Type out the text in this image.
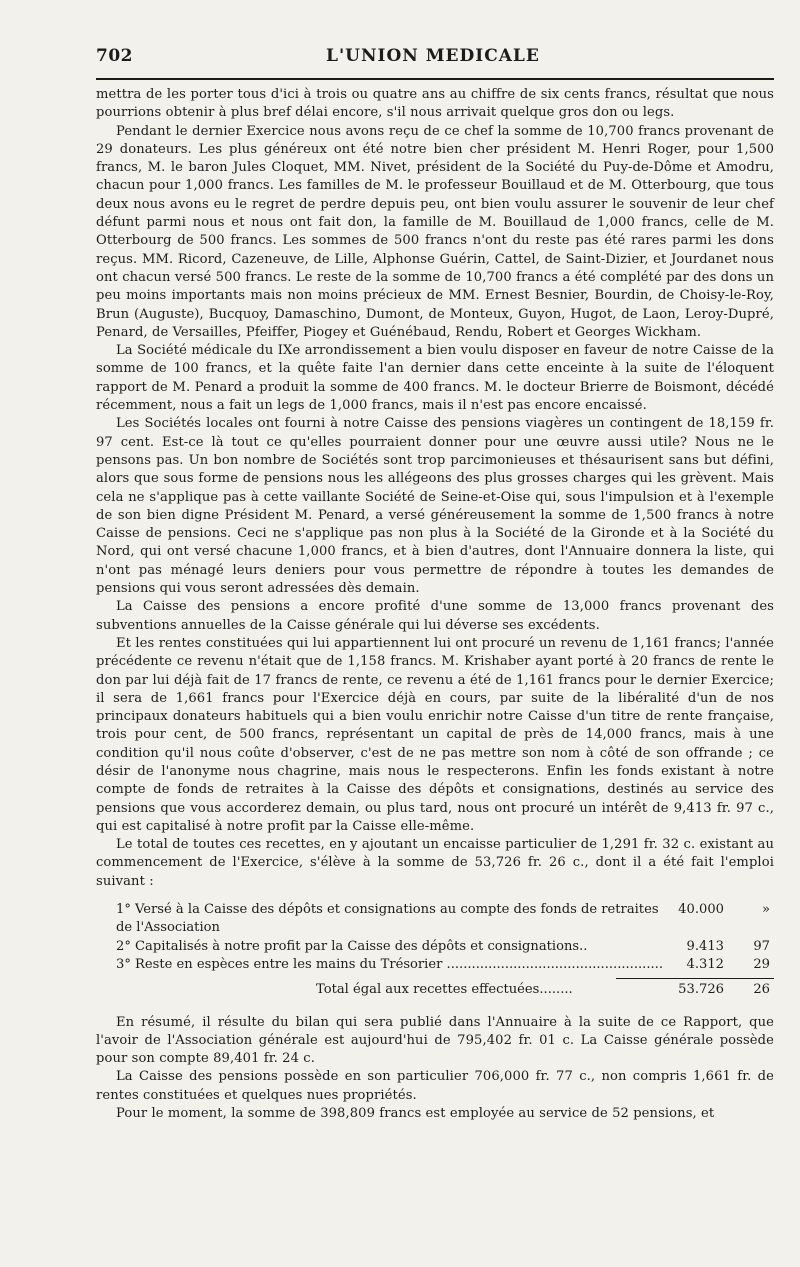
702	L'UNION MEDICALE

mettra de les porter tous d'ici à trois ou quatre ans au chiffre de six cents francs, résultat que nous pourrions obtenir à plus bref délai encore, s'il nous arrivait quelque gros don ou legs.

Pendant le dernier Exercice nous avons reçu de ce chef la somme de 10,700 francs provenant de 29 donateurs. Les plus généreux ont été notre bien cher président M. Henri Roger, pour 1,500 francs, M. le baron Jules Cloquet, MM. Nivet, président de la Société du Puy-de-Dôme et Amodru, chacun pour 1,000 francs. Les familles de M. le professeur Bouillaud et de M. Otterbourg, que tous deux nous avons eu le regret de perdre depuis peu, ont bien voulu assurer le souvenir de leur chef défunt parmi nous et nous ont fait don, la famille de M. Bouillaud de 1,000 francs, celle de M. Otterbourg de 500 francs. Les sommes de 500 francs n'ont du reste pas été rares parmi les dons reçus. MM. Ricord, Cazeneuve, de Lille, Alphonse Guérin, Cattel, de Saint-Dizier, et Jourdanet nous ont chacun versé 500 francs. Le reste de la somme de 10,700 francs a été complété par des dons un peu moins importants mais non moins précieux de MM. Ernest Besnier, Bourdin, de Choisy-le-Roy, Brun (Auguste), Bucquoy, Damaschino, Dumont, de Monteux, Guyon, Hugot, de Laon, Leroy-Dupré, Penard, de Versailles, Pfeiffer, Piogey et Guénébaud, Rendu, Robert et Georges Wickham.

La Société médicale du IXe arrondissement a bien voulu disposer en faveur de notre Caisse de la somme de 100 francs, et la quête faite l'an dernier dans cette enceinte à la suite de l'éloquent rapport de M. Penard a produit la somme de 400 francs. M. le docteur Brierre de Boismont, décédé récemment, nous a fait un legs de 1,000 francs, mais il n'est pas encore encaissé.

Les Sociétés locales ont fourni à notre Caisse des pensions viagères un contingent de 18,159 fr. 97 cent. Est-ce là tout ce qu'elles pourraient donner pour une œuvre aussi utile? Nous ne le pensons pas. Un bon nombre de Sociétés sont trop parcimonieuses et thésaurisent sans but défini, alors que sous forme de pensions nous les allégeons des plus grosses charges qui les grèvent. Mais cela ne s'applique pas à cette vaillante Société de Seine-et-Oise qui, sous l'impulsion et à l'exemple de son bien digne Président M. Penard, a versé généreusement la somme de 1,500 francs à notre Caisse de pensions. Ceci ne s'applique pas non plus à la Société de la Gironde et à la Société du Nord, qui ont versé chacune 1,000 francs, et à bien d'autres, dont l'Annuaire donnera la liste, qui n'ont pas ménagé leurs deniers pour vous permettre de répondre à toutes les demandes de pensions qui vous seront adressées dès demain.

La Caisse des pensions a encore profité d'une somme de 13,000 francs provenant des subventions annuelles de la Caisse générale qui lui déverse ses excédents.

Et les rentes constituées qui lui appartiennent lui ont procuré un revenu de 1,161 francs; l'année précédente ce revenu n'était que de 1,158 francs. M. Krishaber ayant porté à 20 francs de rente le don par lui déjà fait de 17 francs de rente, ce revenu a été de 1,161 francs pour le dernier Exercice; il sera de 1,661 francs pour l'Exercice déjà en cours, par suite de la libéralité d'un de nos principaux donateurs habituels qui a bien voulu enrichir notre Caisse d'un titre de rente française, trois pour cent, de 500 francs, représentant un capital de près de 14,000 francs, mais à une condition qu'il nous coûte d'observer, c'est de ne pas mettre son nom à côté de son offrande ; ce désir de l'anonyme nous chagrine, mais nous le respecterons. Enfin les fonds existant à notre compte de fonds de retraites à la Caisse des dépôts et consignations, destinés au service des pensions que vous accorderez demain, ou plus tard, nous ont procuré un intérêt de 9,413 fr. 97 c., qui est capitalisé à notre profit par la Caisse elle-même.

Le total de toutes ces recettes, en y ajoutant un encaisse particulier de 1,291 fr. 32 c. existant au commencement de l'Exercice, s'élève à la somme de 53,726 fr. 26 c., dont il a été fait l'emploi suivant :

1° Versé à la Caisse des dépôts et consignations au compte des fonds de retraites de l'Association
40.000	»
2° Capitalisés à notre profit par la Caisse des dépôts et consignations..	9.413	97
3° Reste en espèces entre les mains du Trésorier .....	4.312	29
Total égal aux recettes effectuées........	53.726	26

En résumé, il résulte du bilan qui sera publié dans l'Annuaire à la suite de ce Rapport, que l'avoir de l'Association générale est aujourd'hui de 795,402 fr. 01 c. La Caisse générale possède pour son compte 89,401 fr. 24 c.

La Caisse des pensions possède en son particulier 706,000 fr. 77 c., non compris 1,661 fr. de rentes constituées et quelques nues propriétés.

Pour le moment, la somme de 398,809 francs est employée au service de 52 pensions, et
